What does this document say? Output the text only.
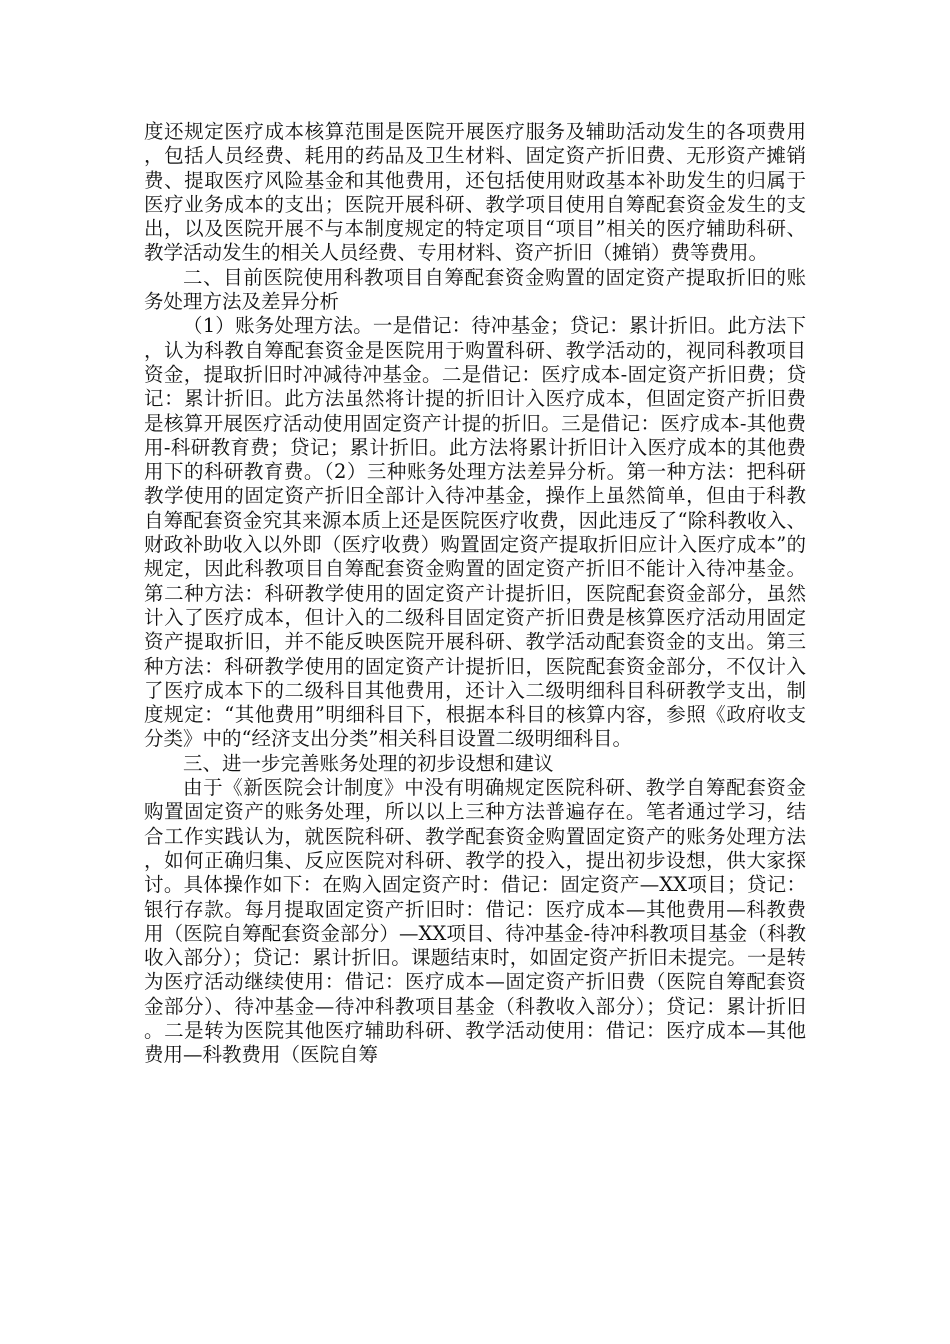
度还规定医疗成本核算范围是医院开展医疗服务及辅助活动发生的各项费用，包括人员经费、耗用的药品及卫生材料、固定资产折旧费、无形资产摊销费、提取医疗风险基金和其他费用，还包括使用财政基本补助发生的归属于医疗业务成本的支出；医院开展科研、教学项目使用自筹配套资金发生的支出，以及医院开展不与本制度规定的特定项目“项目”相关的医疗辅助科研、教学活动发生的相关人员经费、专用材料、资产折旧（摊销）费等费用。

二、目前医院使用科教项目自筹配套资金购置的固定资产提取折旧的账务处理方法及差异分析

（1）账务处理方法。一是借记：待冲基金；贷记：累计折旧。此方法下，认为科教自筹配套资金是医院用于购置科研、教学活动的，视同科教项目资金，提取折旧时冲减待冲基金。二是借记：医疗成本-固定资产折旧费；贷记：累计折旧。此方法虽然将计提的折旧计入医疗成本，但固定资产折旧费是核算开展医疗活动使用固定资产计提的折旧。三是借记：医疗成本-其他费用-科研教育费；贷记；累计折旧。此方法将累计折旧计入医疗成本的其他费用下的科研教育费。（2）三种账务处理方法差异分析。第一种方法：把科研教学使用的固定资产折旧全部计入待冲基金，操作上虽然简单，但由于科教自筹配套资金究其来源本质上还是医院医疗收费，因此违反了“除科教收入、财政补助收入以外即（医疗收费）购置固定资产提取折旧应计入医疗成本”的规定，因此科教项目自筹配套资金购置的固定资产折旧不能计入待冲基金。第二种方法：科研教学使用的固定资产计提折旧，医院配套资金部分，虽然计入了医疗成本，但计入的二级科目固定资产折旧费是核算医疗活动用固定资产提取折旧，并不能反映医院开展科研、教学活动配套资金的支出。第三种方法：科研教学使用的固定资产计提折旧，医院配套资金部分，不仅计入了医疗成本下的二级科目其他费用，还计入二级明细科目科研教学支出，制度规定：“其他费用”明细科目下，根据本科目的核算内容，参照《政府收支分类》中的“经济支出分类”相关科目设置二级明细科目。

三、进一步完善账务处理的初步设想和建议

由于《新医院会计制度》中没有明确规定医院科研、教学自筹配套资金购置固定资产的账务处理，所以以上三种方法普遍存在。笔者通过学习，结合工作实践认为，就医院科研、教学配套资金购置固定资产的账务处理方法，如何正确归集、反应医院对科研、教学的投入，提出初步设想，供大家探讨。具体操作如下：在购入固定资产时：借记：固定资产—XX项目；贷记：银行存款。每月提取固定资产折旧时：借记：医疗成本—其他费用—科教费用（医院自筹配套资金部分）—XX项目、待冲基金-待冲科教项目基金（科教收入部分）；贷记：累计折旧。课题结束时，如固定资产折旧未提完。一是转为医疗活动继续使用：借记：医疗成本—固定资产折旧费（医院自筹配套资金部分）、待冲基金—待冲科教项目基金（科教收入部分）；贷记：累计折旧。二是转为医院其他医疗辅助科研、教学活动使用：借记：医疗成本—其他费用—科教费用（医院自筹
